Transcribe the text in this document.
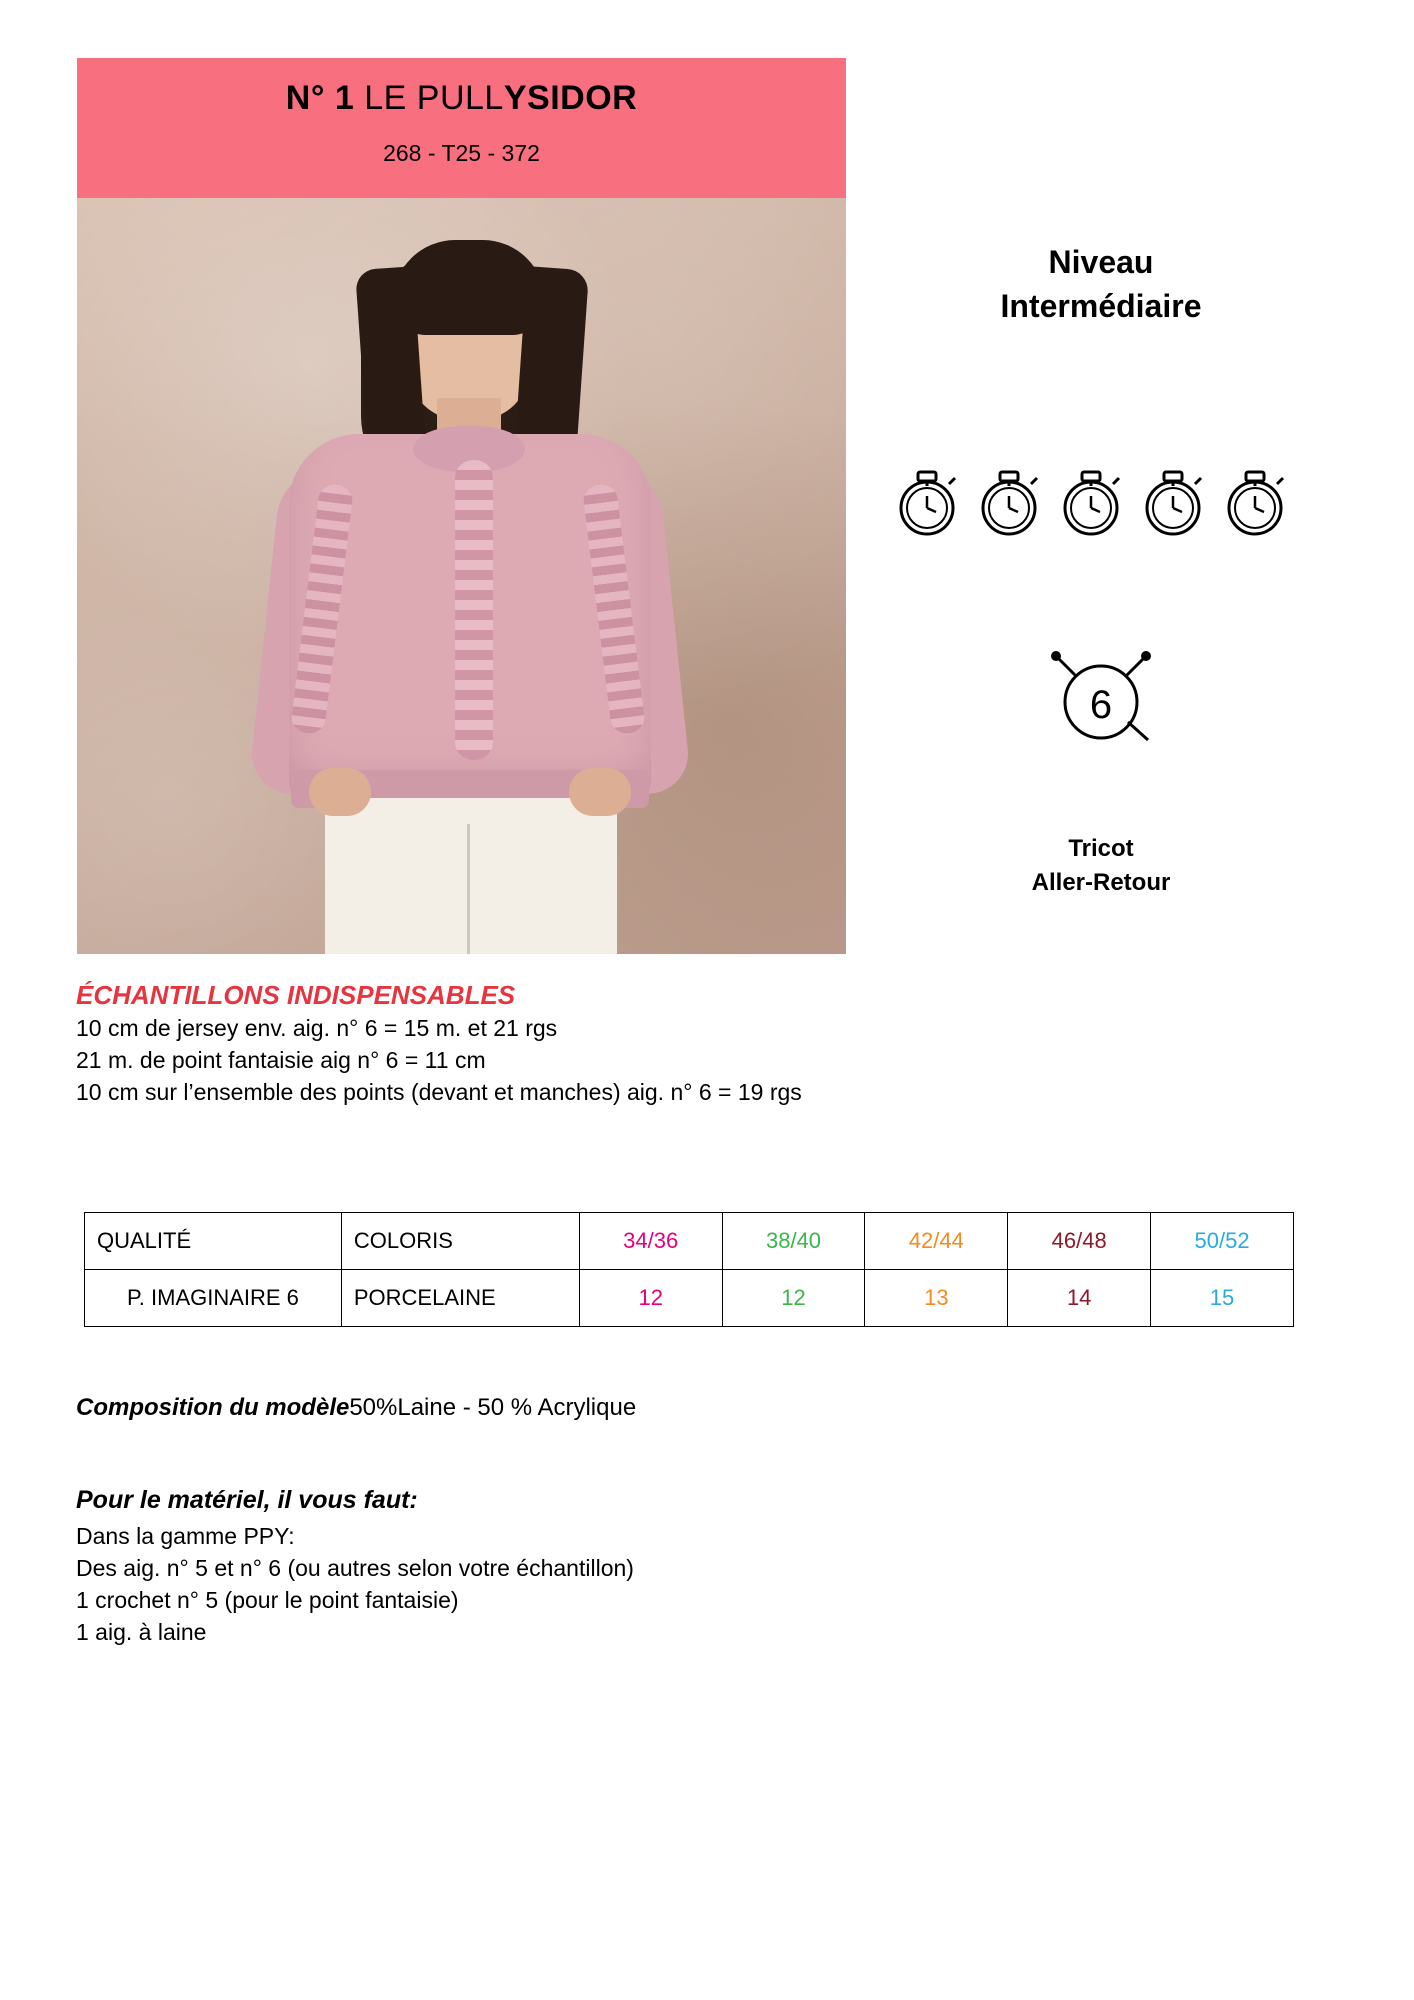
N° 1 LE PULLYSIDOR
268 - T25 - 372
Niveau
Intermédiaire
6
Tricot
Aller-Retour
ÉCHANTILLONS INDISPENSABLES
10 cm de jersey env. aig. n° 6 = 15 m. et 21 rgs
21 m. de point fantaisie aig n° 6 = 11 cm
10 cm sur l’ensemble des points (devant et manches) aig. n° 6 = 19 rgs
QUALITÉ	COLORIS	34/36	38/40	42/44	46/48	50/52
P. IMAGINAIRE 6	PORCELAINE	12	12	13	14	15
Composition du modèle50%Laine - 50 % Acrylique
Pour le matériel, il vous faut:
Dans la gamme PPY:
Des aig. n° 5 et n° 6 (ou autres selon votre échantillon)
1 crochet n° 5 (pour le point fantaisie)
1 aig. à laine
